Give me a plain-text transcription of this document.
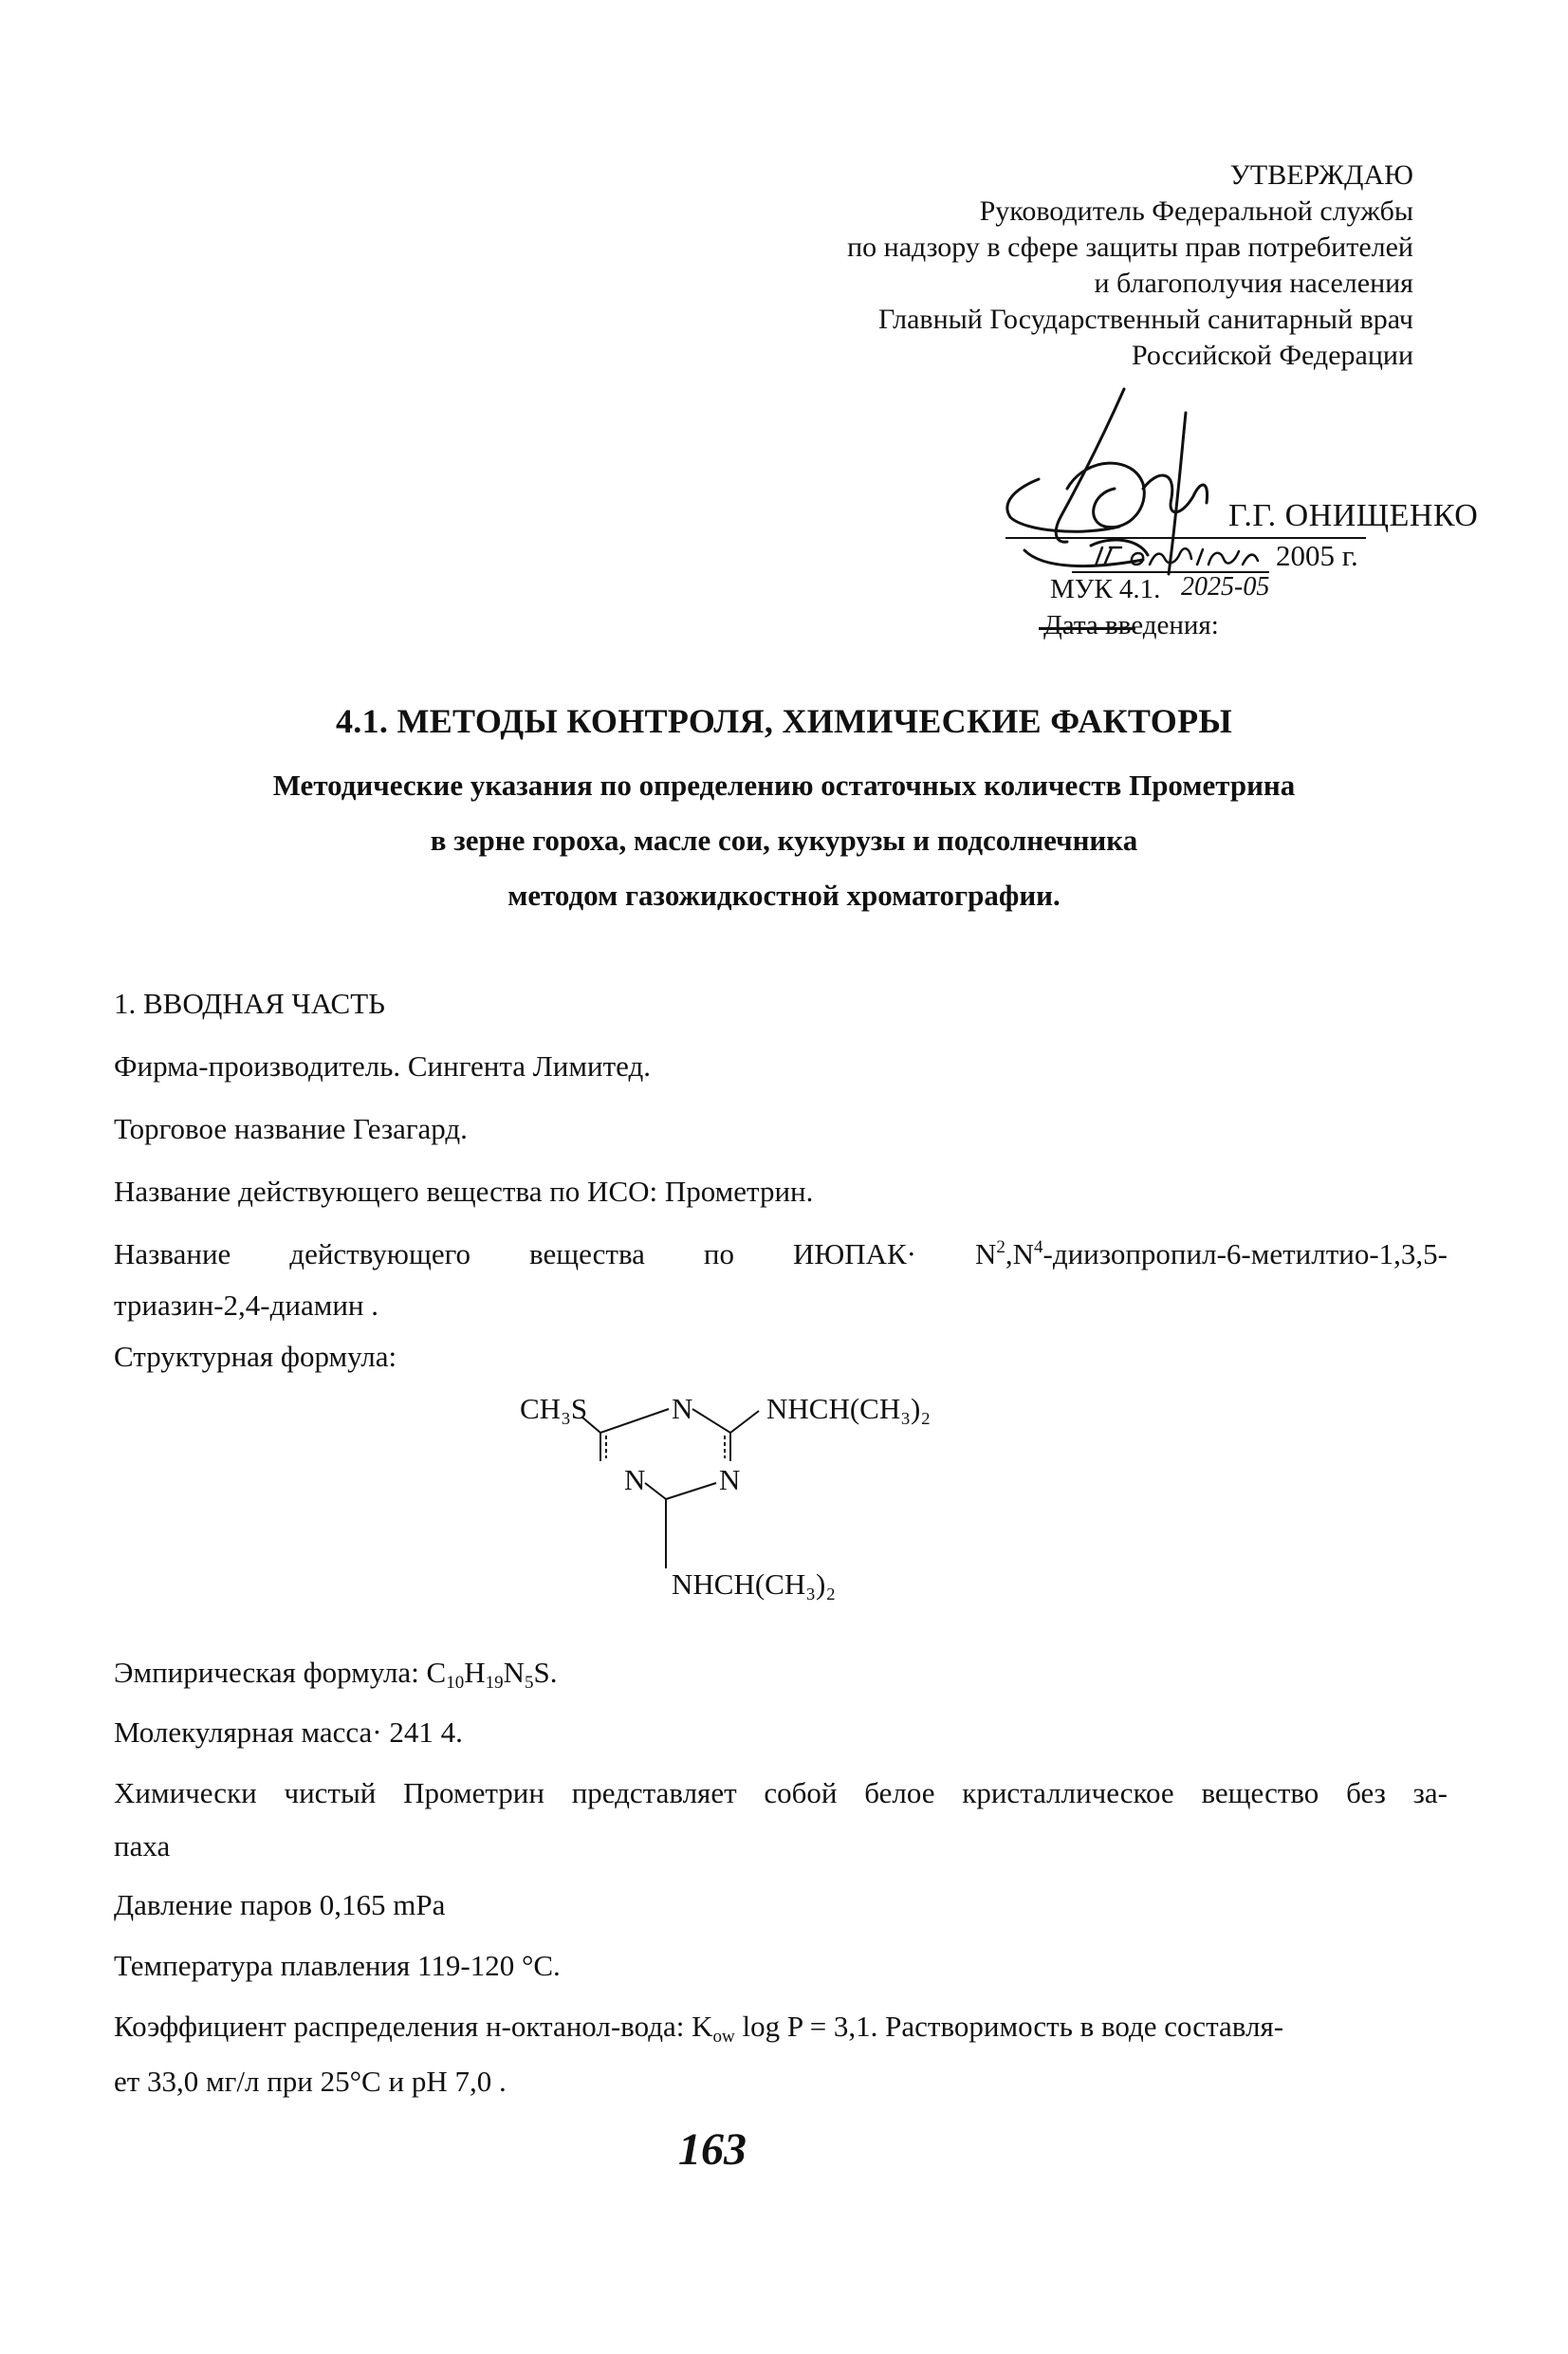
УТВЕРЖДАЮ
Руководитель Федеральной службы
по надзору в сфере защиты прав потребителей
и благополучия населения
Главный Государственный санитарный врач
Российской Федерации
Г.Г. ОНИЩЕНКО
2005 г.
МУК 4.1. 2025-05
Дата введения:
4.1. МЕТОДЫ КОНТРОЛЯ, ХИМИЧЕСКИЕ ФАКТОРЫ
Методические указания по определению остаточных количеств Прометрина
в зерне гороха, масле сои, кукурузы и подсолнечника
методом газожидкостной хроматографии.
1. ВВОДНАЯ ЧАСТЬ
Фирма-производитель. Сингента Лимитед.
Торговое название Гезагард.
Название действующего вещества по ИСО: Прометрин.
Название действующего вещества по ИЮПАК· $N^2,N^4-диизопропил-6-метилтио-1,3,5-$
триазин-2,4-диамин .
Структурная формула:
CH₃S	N	NHCH(CH₃)₂
N	N
NHCH(CH₃)₂
Эмпирическая формула: $C_{10}H_{19}N_5S$.
Молекулярная масса· 241 4.
Химически чистый Прометрин представляет собой белое кристаллическое вещество без за-
паха
Давление паров 0,165 mPa
Температура плавления 119-120 °С.
Коэффициент распределения н-октанол-вода: $K_{ow}$ log P = 3,1. Растворимость в воде составля-
ет 33,0 мг/л при 25°С и pH 7,0 .
163
